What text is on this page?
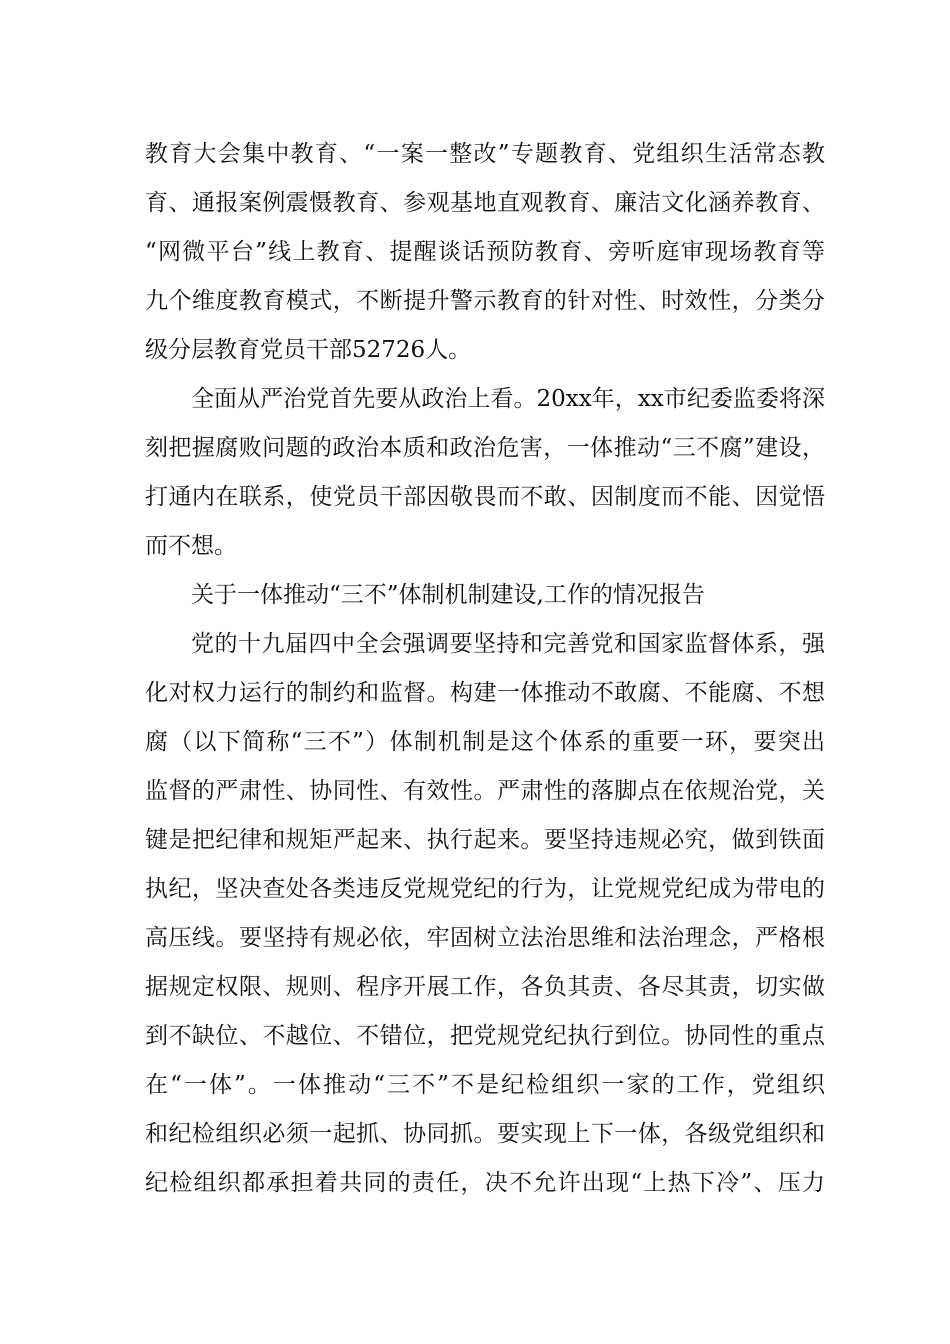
教育大会集中教育、“一案一整改”专题教育、党组织生活常态教
育、通报案例震慑教育、参观基地直观教育、廉洁文化涵养教育、
“网微平台”线上教育、提醒谈话预防教育、旁听庭审现场教育等
九个维度教育模式，不断提升警示教育的针对性、时效性，分类分
级分层教育党员干部52726人。
全面从严治党首先要从政治上看。20xx年，xx市纪委监委将深
刻把握腐败问题的政治本质和政治危害，一体推动“三不腐”建设，
打通内在联系，使党员干部因敬畏而不敢、因制度而不能、因觉悟
而不想。
关于一体推动“三不”体制机制建设,工作的情况报告
党的十九届四中全会强调要坚持和完善党和国家监督体系，强
化对权力运行的制约和监督。构建一体推动不敢腐、不能腐、不想
腐（以下简称“三不”）体制机制是这个体系的重要一环，要突出
监督的严肃性、协同性、有效性。严肃性的落脚点在依规治党，关
键是把纪律和规矩严起来、执行起来。要坚持违规必究，做到铁面
执纪，坚决查处各类违反党规党纪的行为，让党规党纪成为带电的
高压线。要坚持有规必依，牢固树立法治思维和法治理念，严格根
据规定权限、规则、程序开展工作，各负其责、各尽其责，切实做
到不缺位、不越位、不错位，把党规党纪执行到位。协同性的重点
在“一体”。一体推动“三不”不是纪检组织一家的工作，党组织
和纪检组织必须一起抓、协同抓。要实现上下一体，各级党组织和
纪检组织都承担着共同的责任，决不允许出现“上热下冷”、压力
